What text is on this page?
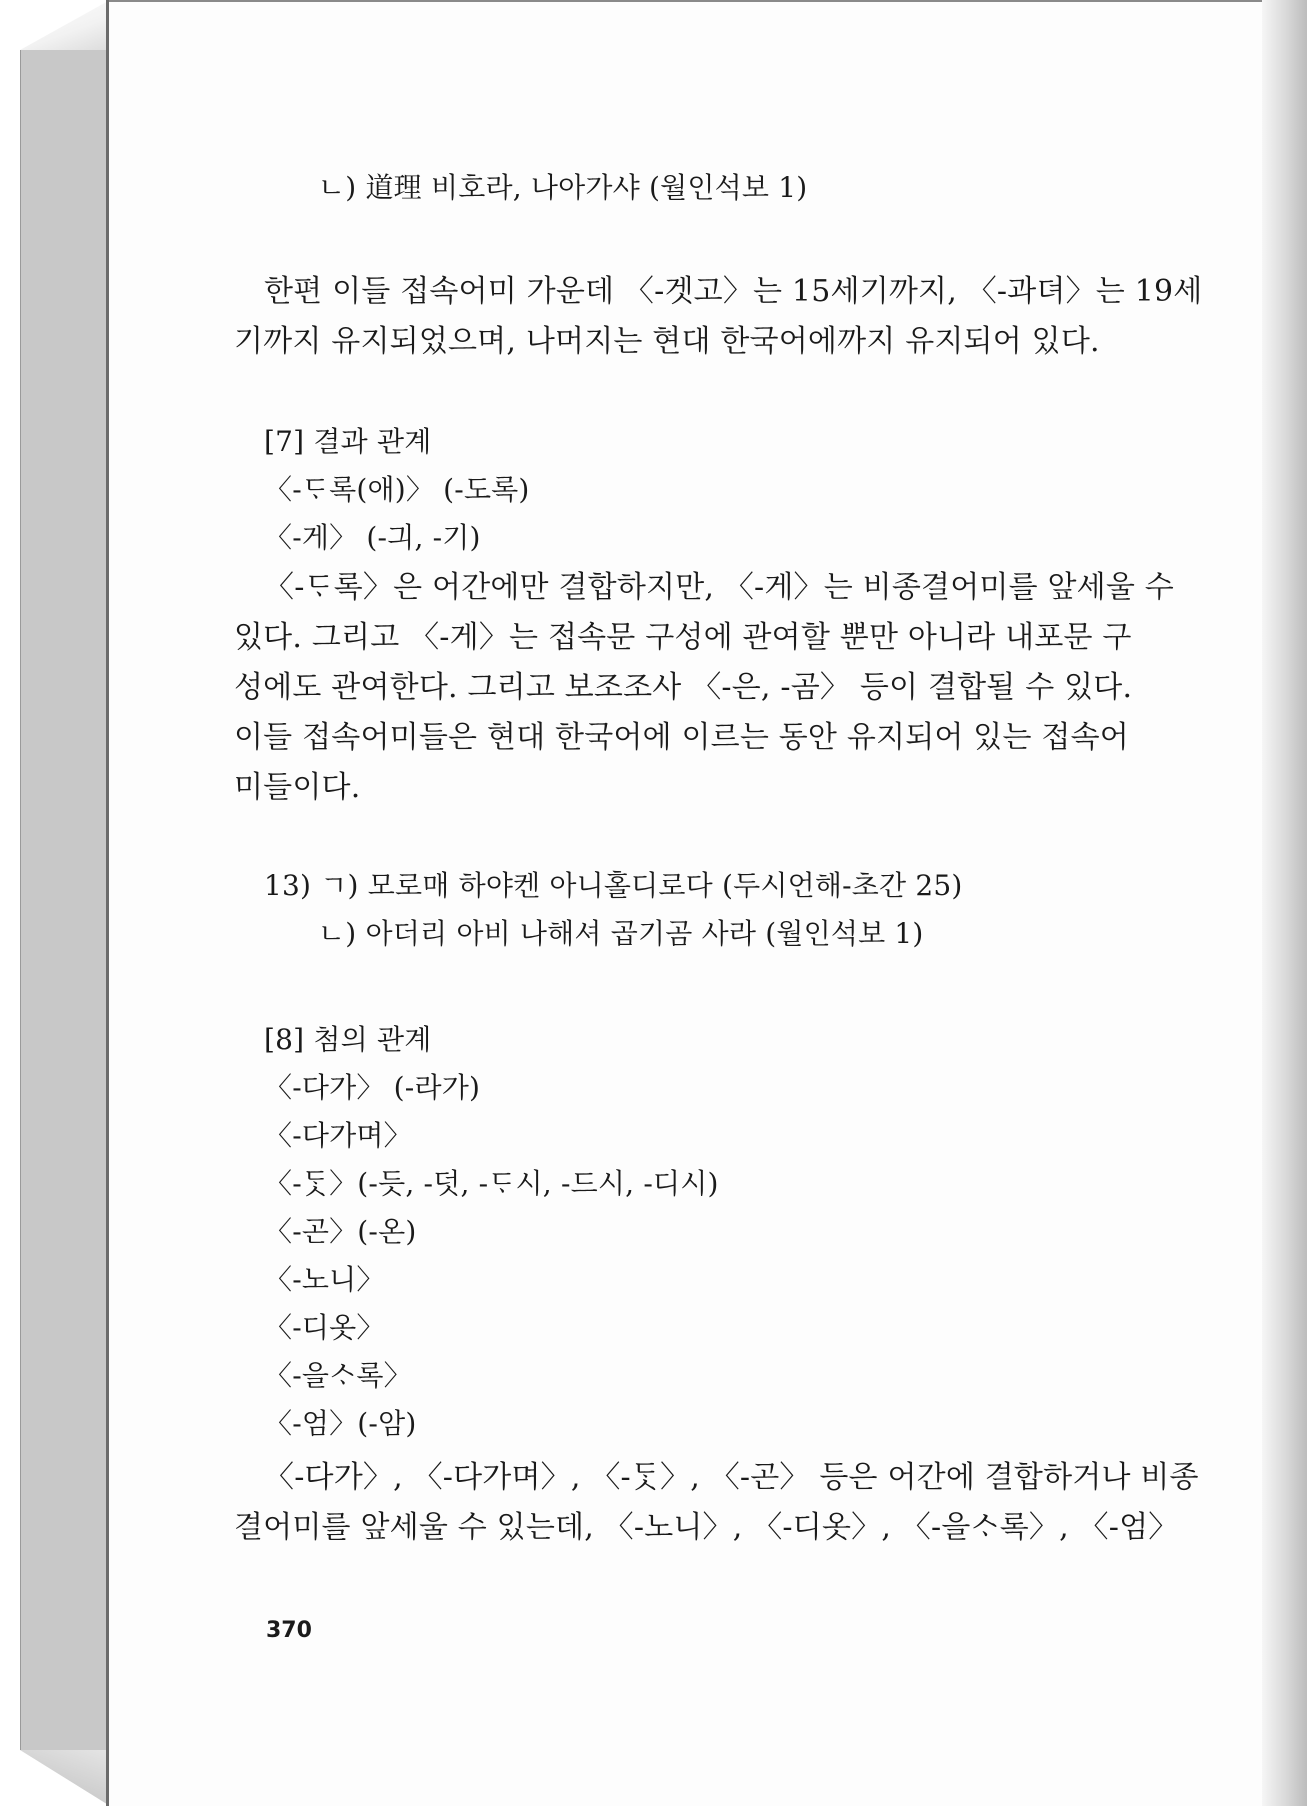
ㄴ) 道理 비호라, 나아가샤 (월인석보 1)
한편 이들 접속어미 가운데 〈-겟고〉는 15세기까지, 〈-과뎌〉는 19세
기까지 유지되었으며, 나머지는 현대 한국어에까지 유지되어 있다.
[7] 결과 관계
〈-ᄃᆞ록(애)〉 (-도록)
〈-게〉 (-긔, -기)
〈-ᄃᆞ록〉은 어간에만 결합하지만, 〈-게〉는 비종결어미를 앞세울 수
있다. 그리고 〈-게〉는 접속문 구성에 관여할 뿐만 아니라 내포문 구
성에도 관여한다. 그리고 보조조사 〈-은, -곰〉 등이 결합될 수 있다.
이들 접속어미들은 현대 한국어에 이르는 동안 유지되어 있는 접속어
미들이다.
13) ㄱ) 모로매 하야켄 아니홀디로다 (두시언해-초간 25)
ㄴ) 아더리 아비 나해셔 곱기곰 사라 (월인석보 1)
[8] 첨의 관계
〈-다가〉 (-라가)
〈-다가며〉
〈-ᄃᆞᆺ〉(-듯, -덧, -ᄃᆞ시, -드시, -디시)
〈-곤〉(-온)
〈-노니〉
〈-디옷〉
〈-을ᄉᆞ록〉
〈-엄〉(-암)
〈-다가〉, 〈-다가며〉, 〈-ᄃᆞᆺ〉, 〈-곤〉 등은 어간에 결합하거나 비종
결어미를 앞세울 수 있는데, 〈-노니〉, 〈-디옷〉, 〈-을ᄉᆞ록〉, 〈-엄〉
370
